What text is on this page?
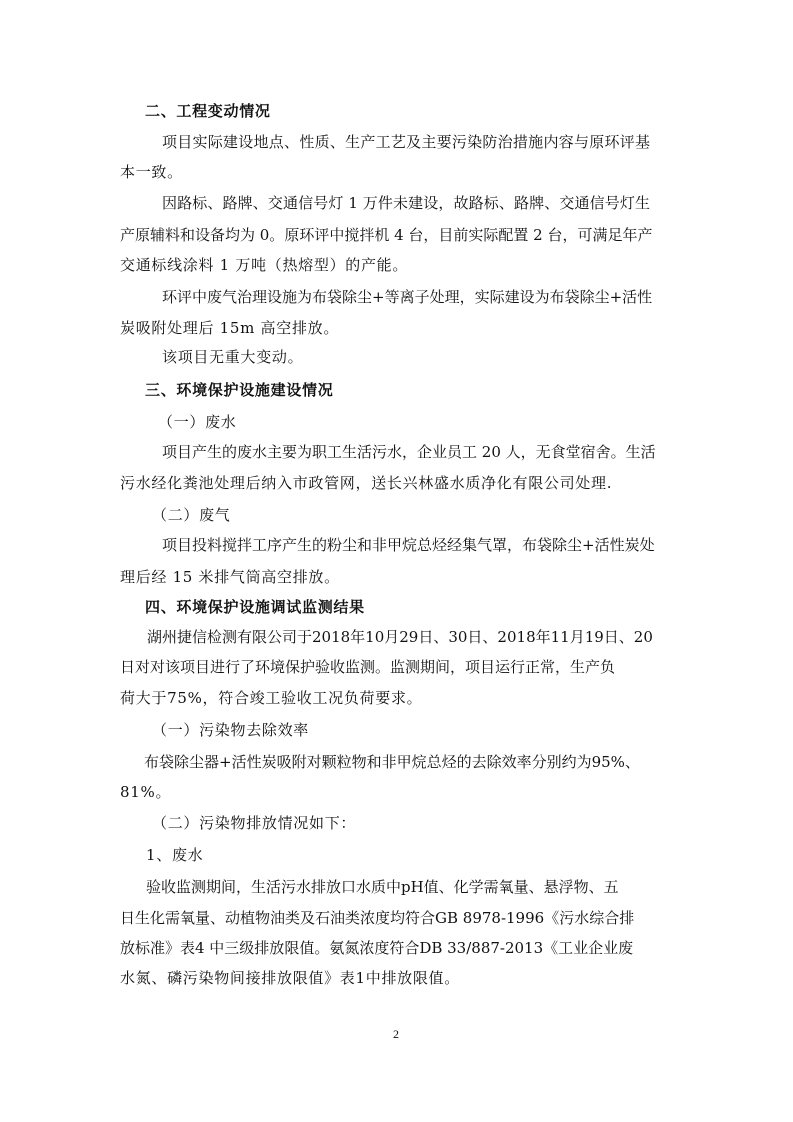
二、工程变动情况
项目实际建设地点、性质、生产工艺及主要污染防治措施内容与原环评基
本一致。
因路标、路牌、交通信号灯 1 万件未建设，故路标、路牌、交通信号灯生
产原辅料和设备均为 0。原环评中搅拌机 4 台，目前实际配置 2 台，可满足年产
交通标线涂料 1 万吨（热熔型）的产能。
环评中废气治理设施为布袋除尘+等离子处理，实际建设为布袋除尘+活性
炭吸附处理后 15m 高空排放。
该项目无重大变动。
三、环境保护设施建设情况
（一）废水
项目产生的废水主要为职工生活污水，企业员工 20 人，无食堂宿舍。生活
污水经化粪池处理后纳入市政管网，送长兴林盛水质净化有限公司处理.
（二）废气
项目投料搅拌工序产生的粉尘和非甲烷总烃经集气罩，布袋除尘+活性炭处
理后经 15 米排气筒高空排放。
四、环境保护设施调试监测结果
湖州捷信检测有限公司于2018年10月29日、30日、2018年11月19日、20
日对对该项目进行了环境保护验收监测。监测期间，项目运行正常，生产负
荷大于75%，符合竣工验收工况负荷要求。
（一）污染物去除效率
布袋除尘器+活性炭吸附对颗粒物和非甲烷总烃的去除效率分别约为95%、
81%。
（二）污染物排放情况如下：
1、废水
验收监测期间，生活污水排放口水质中pH值、化学需氧量、悬浮物、五
日生化需氧量、动植物油类及石油类浓度均符合GB 8978-1996《污水综合排
放标准》表4 中三级排放限值。氨氮浓度符合DB 33/887-2013《工业企业废
水氮、磷污染物间接排放限值》表1中排放限值。
2
